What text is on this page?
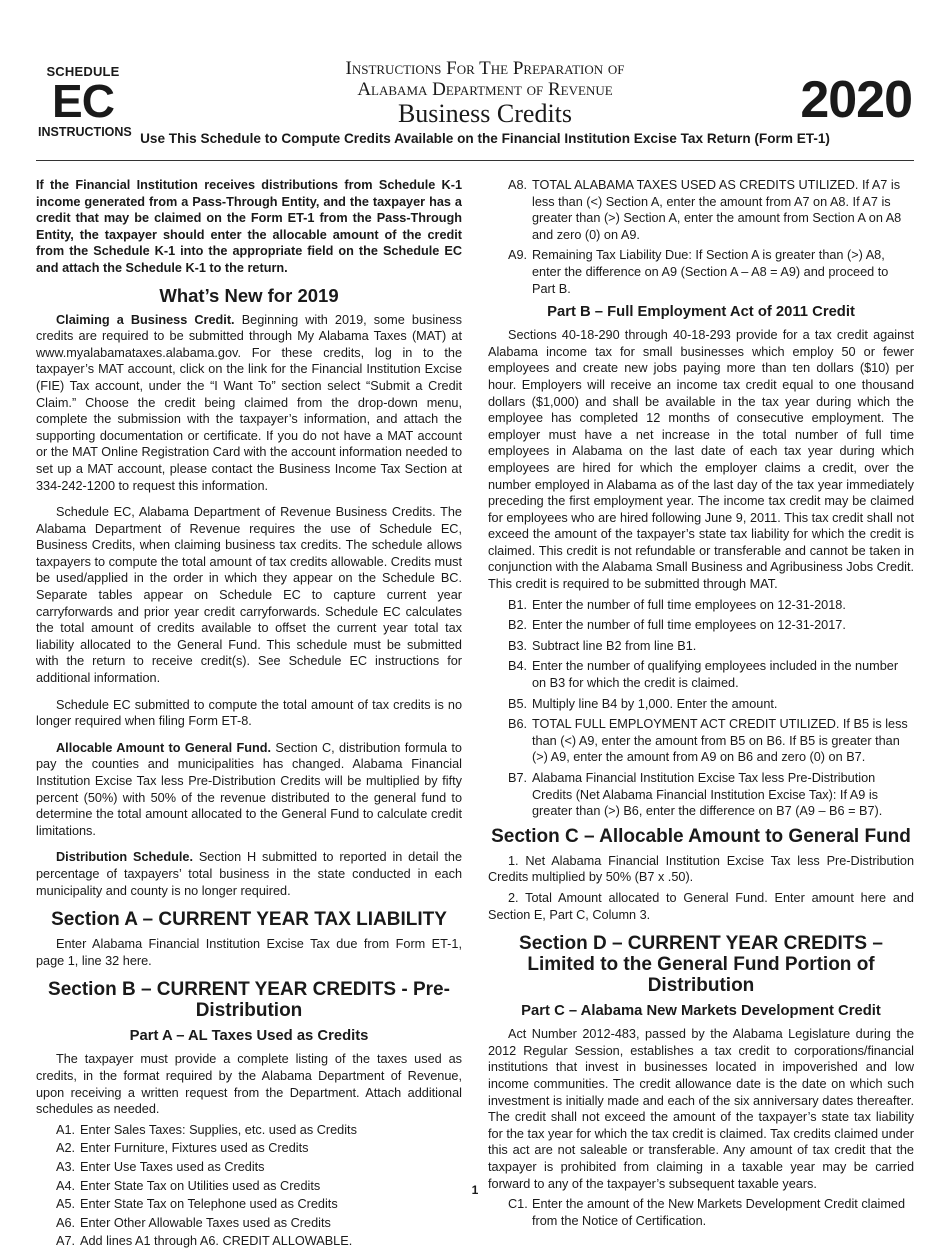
SCHEDULE
EC
INSTRUCTIONS
Instructions For The Preparation of
Alabama Department of Revenue
Business Credits
Use This Schedule to Compute Credits Available on the Financial Institution Excise Tax Return (Form ET-1)
2020

If the Financial Institution receives distributions from Schedule K-1 income generated from a Pass-Through Entity, and the taxpayer has a credit that may be claimed on the Form ET-1 from the Pass-Through Entity, the taxpayer should enter the allocable amount of the credit from the Schedule K-1 into the appropriate field on the Schedule EC and attach the Schedule K-1 to the return.

What’s New for 2019

Claiming a Business Credit. Beginning with 2019, some business credits are required to be submitted through My Alabama Taxes (MAT) at www.myalabamataxes.alabama.gov. For these credits, log in to the taxpayer’s MAT account, click on the link for the Financial Institution Excise (FIE) Tax account, under the “I Want To” section select “Submit a Credit Claim.” Choose the credit being claimed from the drop-down menu, complete the submission with the taxpayer’s information, and attach the supporting documentation or certificate. If you do not have a MAT account or the MAT Online Registration Card with the account information needed to set up a MAT account, please contact the Business Income Tax Section at 334-242-1200 to request this information.

Schedule EC, Alabama Department of Revenue Business Credits. The Alabama Department of Revenue requires the use of Schedule EC, Business Credits, when claiming business tax credits. The schedule allows taxpayers to compute the total amount of tax credits allowable. Credits must be used/applied in the order in which they appear on the Schedule BC. Separate tables appear on Schedule EC to capture current year carryforwards and prior year credit carryforwards. Schedule EC calculates the total amount of credits available to offset the current year total tax liability allocated to the General Fund. This schedule must be submitted with the return to receive credit(s). See Schedule EC instructions for additional information.

Schedule EC submitted to compute the total amount of tax credits is no longer required when filing Form ET-8.

Allocable Amount to General Fund. Section C, distribution formula to pay the counties and municipalities has changed. Alabama Financial Institution Excise Tax less Pre-Distribution Credits will be multiplied by fifty percent (50%) with 50% of the revenue distributed to the general fund to determine the total amount allocated to the General Fund to calculate credit limitations.

Distribution Schedule. Section H submitted to reported in detail the percentage of taxpayers’ total business in the state conducted in each municipality and county is no longer required.

Section A – CURRENT YEAR TAX LIABILITY

Enter Alabama Financial Institution Excise Tax due from Form ET-1, page 1, line 32 here.

Section B – CURRENT YEAR CREDITS - Pre-Distribution
Part A – AL Taxes Used as Credits

The taxpayer must provide a complete listing of the taxes used as credits, in the format required by the Alabama Department of Revenue, upon receiving a written request from the Department. Attach additional schedules as needed.

A1. Enter Sales Taxes: Supplies, etc. used as Credits
A2. Enter Furniture, Fixtures used as Credits
A3. Enter Use Taxes used as Credits
A4. Enter State Tax on Utilities used as Credits
A5. Enter State Tax on Telephone used as Credits
A6. Enter Other Allowable Taxes used as Credits
A7. Add lines A1 through A6. CREDIT ALLOWABLE.
A8. TOTAL ALABAMA TAXES USED AS CREDITS UTILIZED. If A7 is less than (<) Section A, enter the amount from A7 on A8. If A7 is greater than (>) Section A, enter the amount from Section A on A8 and zero (0) on A9.
A9. Remaining Tax Liability Due: If Section A is greater than (>) A8, enter the difference on A9 (Section A – A8 = A9) and proceed to Part B.
Part B – Full Employment Act of 2011 Credit

Sections 40-18-290 through 40-18-293 provide for a tax credit against Alabama income tax for small businesses which employ 50 or fewer employees and create new jobs paying more than ten dollars ($10) per hour. Employers will receive an income tax credit equal to one thousand dollars ($1,000) and shall be available in the tax year during which the employee has completed 12 months of consecutive employment. The employer must have a net increase in the total number of full time employees in Alabama on the last date of each tax year during which employees are hired for which the employer claims a credit, over the number employed in Alabama as of the last day of the tax year immediately preceding the first employment year. The income tax credit may be claimed for employees who are hired following June 9, 2011. This tax credit shall not exceed the amount of the taxpayer’s state tax liability for which the credit is claimed. This credit is not refundable or transferable and cannot be taken in conjunction with the Alabama Small Business and Agribusiness Jobs Credit. This credit is required to be submitted through MAT.

B1. Enter the number of full time employees on 12-31-2018.
B2. Enter the number of full time employees on 12-31-2017.
B3. Subtract line B2 from line B1.
B4. Enter the number of qualifying employees included in the number on B3 for which the credit is claimed.
B5. Multiply line B4 by 1,000. Enter the amount.
B6. TOTAL FULL EMPLOYMENT ACT CREDIT UTILIZED. If B5 is less than (<) A9, enter the amount from B5 on B6. If B5 is greater than (>) A9, enter the amount from A9 on B6 and zero (0) on B7.
B7. Alabama Financial Institution Excise Tax less Pre-Distribution Credits (Net Alabama Financial Institution Excise Tax): If A9 is greater than (>) B6, enter the difference on B7 (A9 – B6 = B7).
Section C – Allocable Amount to General Fund

1. Net Alabama Financial Institution Excise Tax less Pre-Distribution Credits multiplied by 50% (B7 x .50).

2. Total Amount allocated to General Fund. Enter amount here and Section E, Part C, Column 3.

Section D – CURRENT YEAR CREDITS – Limited to the General Fund Portion of Distribution
Part C – Alabama New Markets Development Credit

Act Number 2012-483, passed by the Alabama Legislature during the 2012 Regular Session, establishes a tax credit to corporations/financial institutions that invest in businesses located in impoverished and low income communities. The credit allowance date is the date on which such investment is initially made and each of the six anniversary dates thereafter. The credit shall not exceed the amount of the taxpayer’s state tax liability for the tax year for which the tax credit is claimed. Tax credits claimed under this act are not saleable or transferable. Any amount of tax credit that the taxpayer is prohibited from claiming in a taxable year may be carried forward to any of the taxpayer’s subsequent taxable years.

C1. Enter the amount of the New Markets Development Credit claimed from the Notice of Certification.
1
